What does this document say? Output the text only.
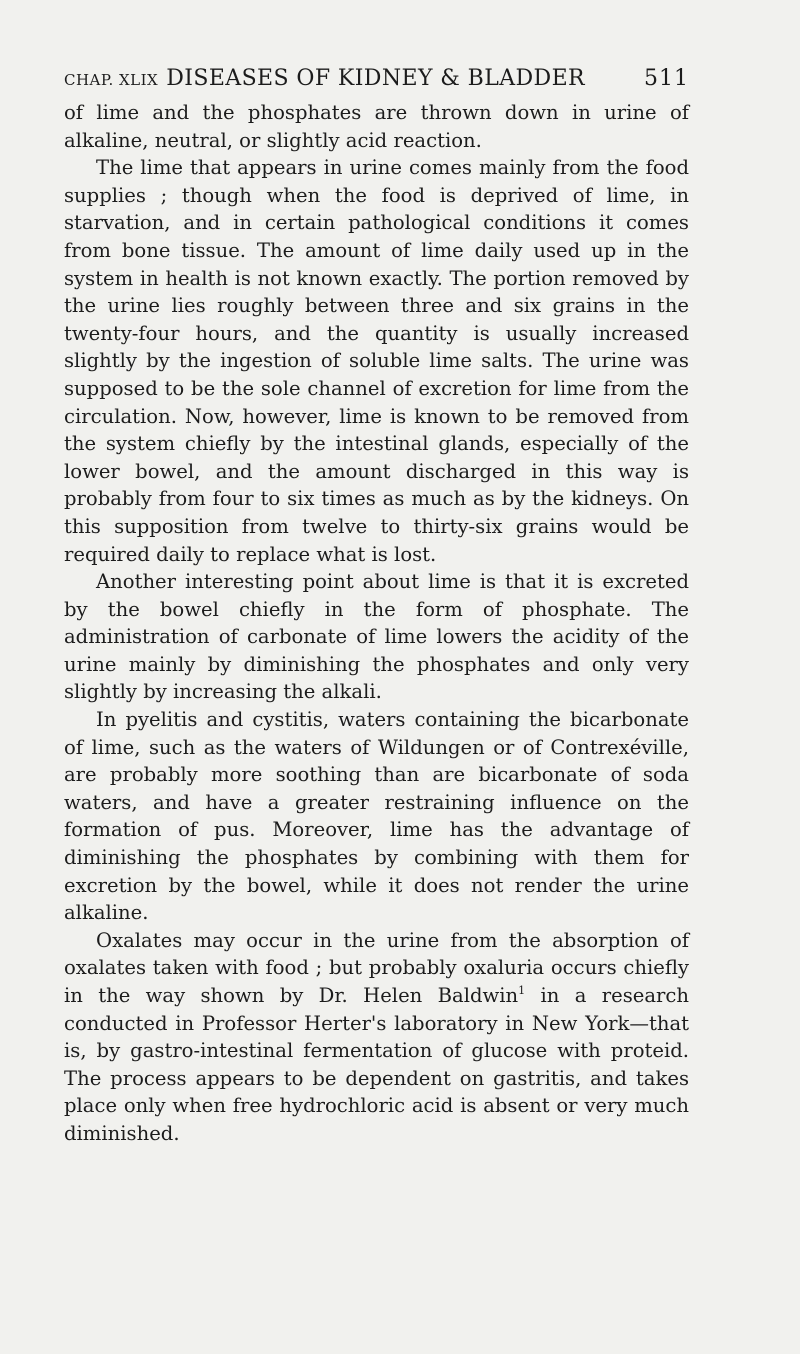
CHAP. XLIX DISEASES OF KIDNEY & BLADDER	511

of lime and the phosphates are thrown down in urine of alkaline, neutral, or slightly acid reaction.

The lime that appears in urine comes mainly from the food supplies ; though when the food is deprived of lime, in starvation, and in certain pathological conditions it comes from bone tissue. The amount of lime daily used up in the system in health is not known exactly. The portion removed by the urine lies roughly between three and six grains in the twenty-four hours, and the quantity is usually increased slightly by the ingestion of soluble lime salts. The urine was supposed to be the sole channel of excretion for lime from the circulation. Now, however, lime is known to be removed from the system chiefly by the intestinal glands, especially of the lower bowel, and the amount discharged in this way is probably from four to six times as much as by the kidneys. On this supposition from twelve to thirty-six grains would be required daily to replace what is lost.

Another interesting point about lime is that it is excreted by the bowel chiefly in the form of phosphate. The administration of carbonate of lime lowers the acidity of the urine mainly by diminishing the phosphates and only very slightly by increasing the alkali.

In pyelitis and cystitis, waters containing the bicarbonate of lime, such as the waters of Wildungen or of Contrexéville, are probably more soothing than are bicarbonate of soda waters, and have a greater restraining influence on the formation of pus. Moreover, lime has the advantage of diminishing the phosphates by combining with them for excretion by the bowel, while it does not render the urine alkaline.

Oxalates may occur in the urine from the absorption of oxalates taken with food ; but probably oxaluria occurs chiefly in the way shown by Dr. Helen Baldwin$^1$ in a research conducted in Professor Herter's laboratory in New York—that is, by gastro-intestinal fermentation of glucose with proteid. The process appears to be dependent on gastritis, and takes place only when free hydrochloric acid is absent or very much diminished.
